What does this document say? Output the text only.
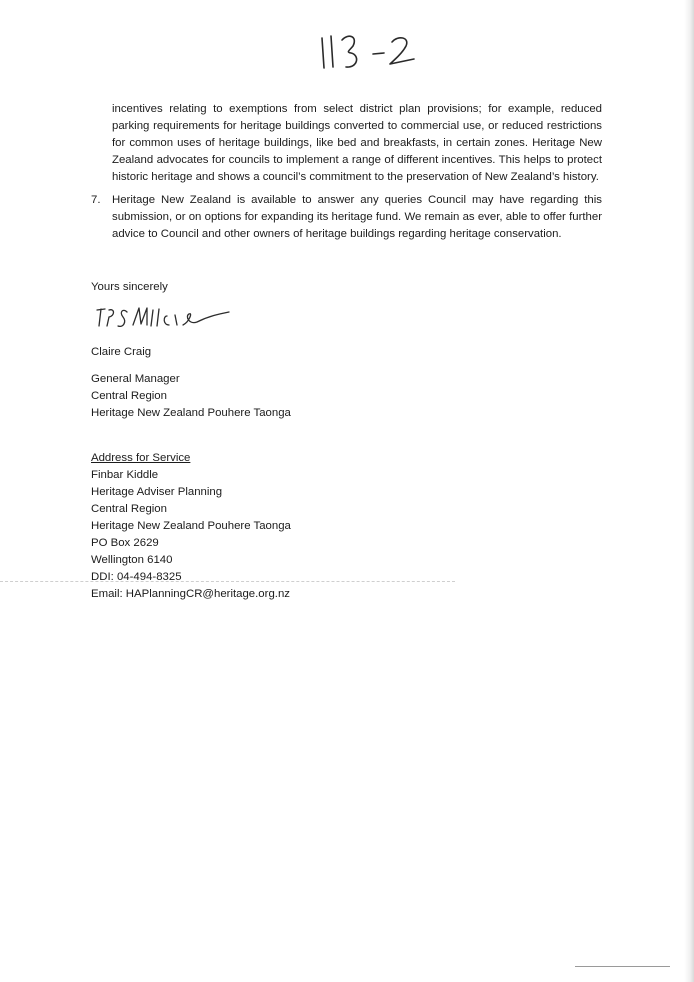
incentives relating to exemptions from select district plan provisions; for example, reduced parking requirements for heritage buildings converted to commercial use, or reduced restrictions for common uses of heritage buildings, like bed and breakfasts, in certain zones. Heritage New Zealand advocates for councils to implement a range of different incentives. This helps to protect historic heritage and shows a council’s commitment to the preservation of New Zealand’s history.

7.	Heritage New Zealand is available to answer any queries Council may have regarding this submission, or on options for expanding its heritage fund. We remain as ever, able to offer further advice to Council and other owners of heritage buildings regarding heritage conservation.

Yours sincerely
Claire Craig
General Manager
Central Region
Heritage New Zealand Pouhere Taonga
Address for Service
Finbar Kiddle
Heritage Adviser Planning
Central Region
Heritage New Zealand Pouhere Taonga
PO Box 2629
Wellington 6140
DDI: 04-494-8325
Email: HAPlanningCR@heritage.org.nz
